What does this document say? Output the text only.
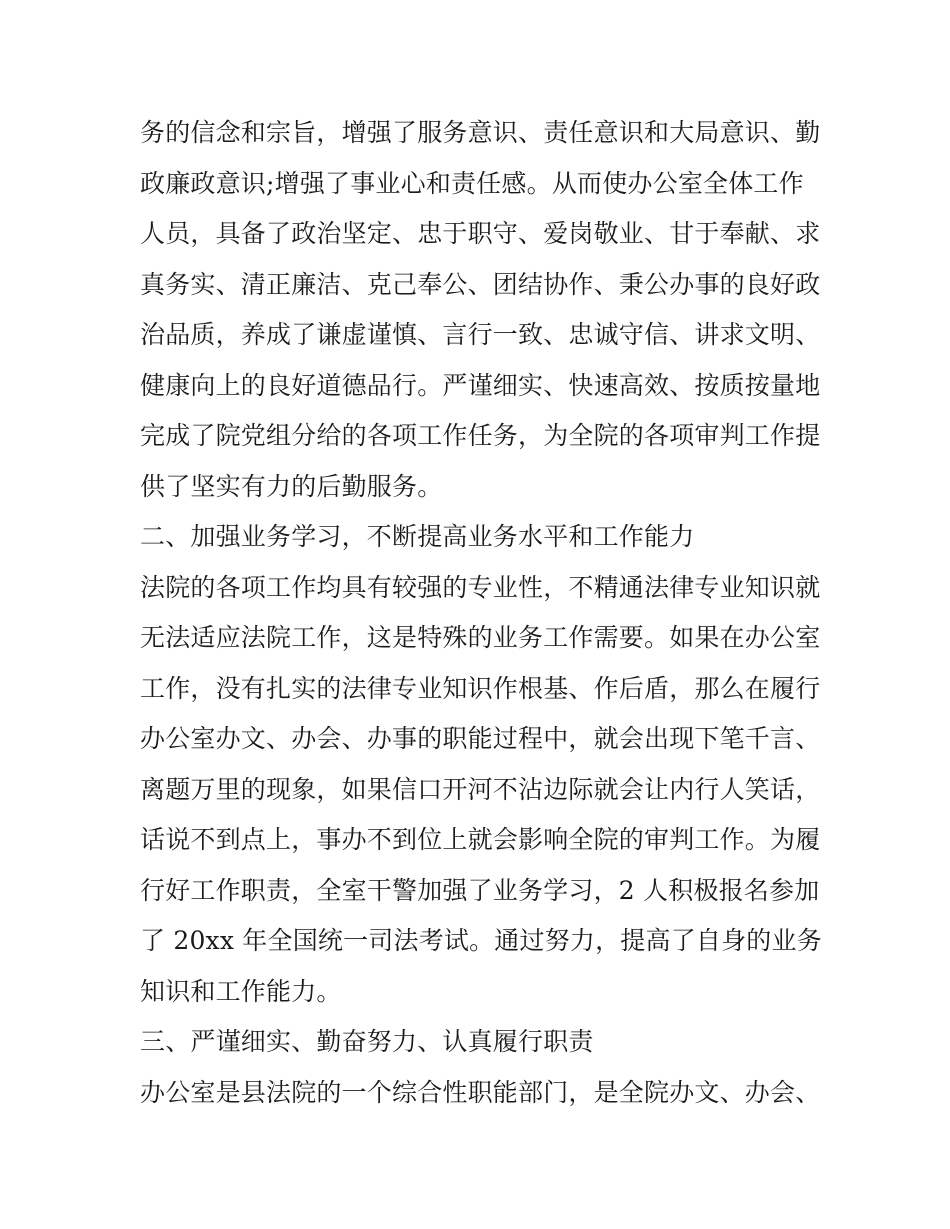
务的信念和宗旨，增强了服务意识、责任意识和大局意识、勤
政廉政意识;增强了事业心和责任感。从而使办公室全体工作
人员，具备了政治坚定、忠于职守、爱岗敬业、甘于奉献、求
真务实、清正廉洁、克己奉公、团结协作、秉公办事的良好政
治品质，养成了谦虚谨慎、言行一致、忠诚守信、讲求文明、
健康向上的良好道德品行。严谨细实、快速高效、按质按量地
完成了院党组分给的各项工作任务，为全院的各项审判工作提
供了坚实有力的后勤服务。
二、加强业务学习，不断提高业务水平和工作能力
法院的各项工作均具有较强的专业性，不精通法律专业知识就
无法适应法院工作，这是特殊的业务工作需要。如果在办公室
工作，没有扎实的法律专业知识作根基、作后盾，那么在履行
办公室办文、办会、办事的职能过程中，就会出现下笔千言、
离题万里的现象，如果信口开河不沾边际就会让内行人笑话，
话说不到点上，事办不到位上就会影响全院的审判工作。为履
行好工作职责，全室干警加强了业务学习，2 人积极报名参加
了 20xx 年全国统一司法考试。通过努力，提高了自身的业务
知识和工作能力。
三、严谨细实、勤奋努力、认真履行职责
办公室是县法院的一个综合性职能部门，是全院办文、办会、
